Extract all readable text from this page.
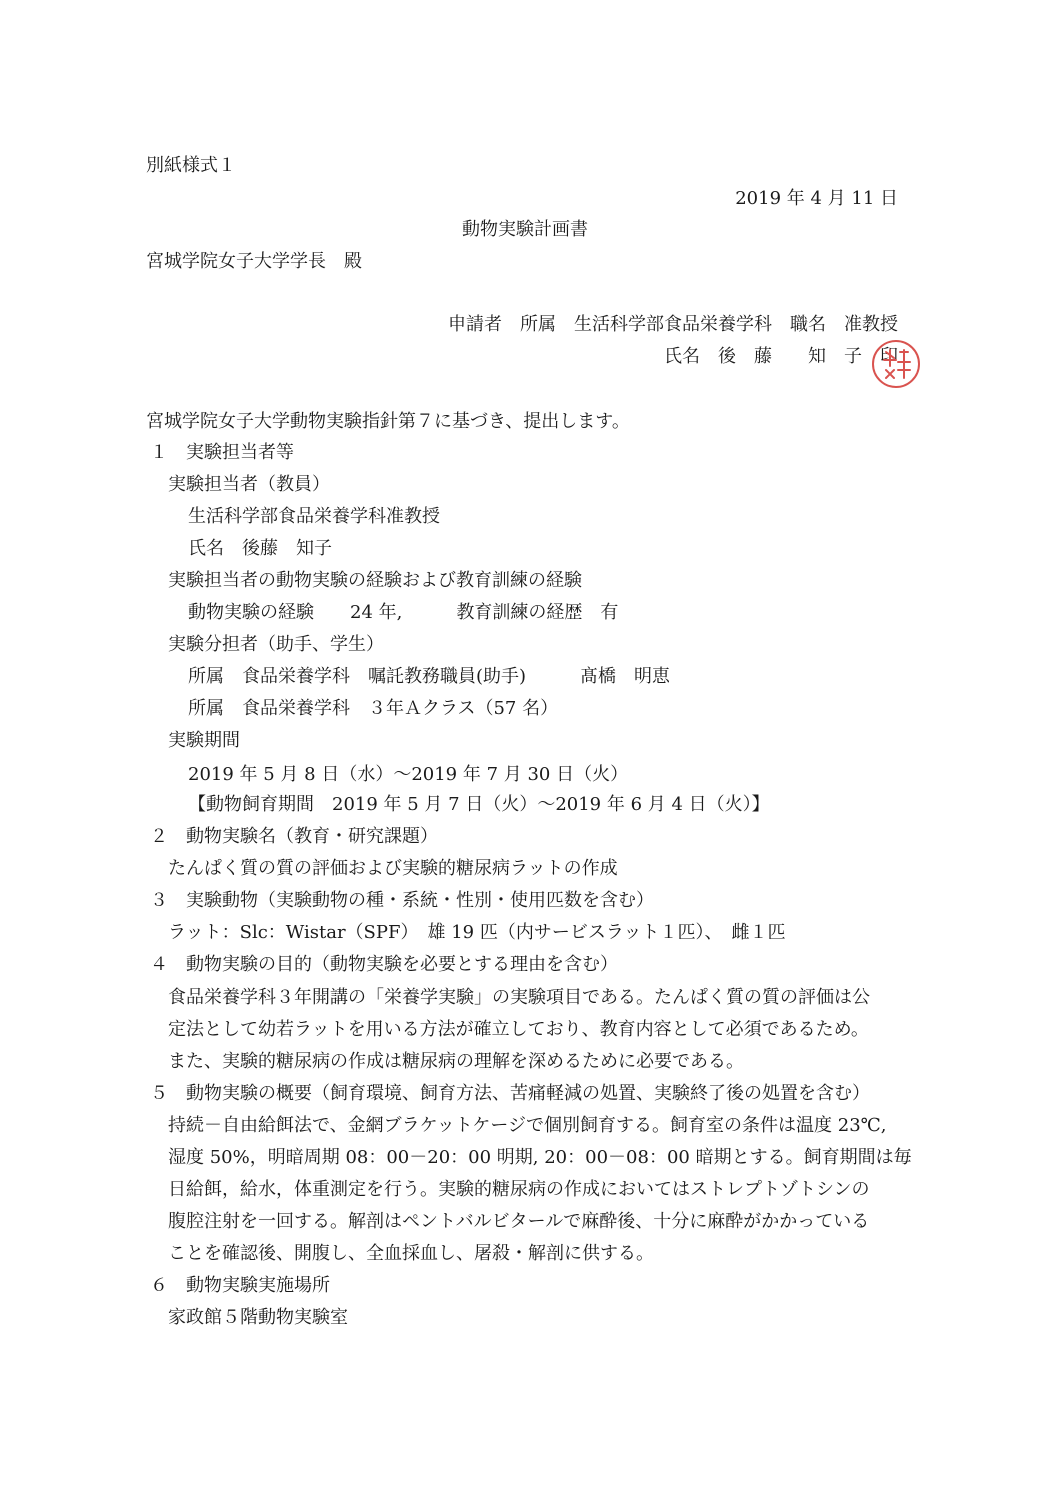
別紙様式１
2019 年 4 月 11 日
動物実験計画書
宮城学院女子大学学長　殿
申請者　所属　生活科学部食品栄養学科　職名　准教授
氏名　後　藤　　知　子　印
宮城学院女子大学動物実験指針第７に基づき、提出します。
１　実験担当者等
実験担当者（教員）
生活科学部食品栄養学科准教授
氏名　後藤　知子
実験担当者の動物実験の経験および教育訓練の経験
動物実験の経験　　24 年,　　　教育訓練の経歴　有
実験分担者（助手、学生）
所属　食品栄養学科　嘱託教務職員(助手)　　　髙橋　明恵
所属　食品栄養学科　３年Ａクラス（57 名）
実験期間
2019 年 5 月 8 日（水）～2019 年 7 月 30 日（火）
【動物飼育期間　2019 年 5 月 7 日（火）～2019 年 6 月 4 日（火）】
２　動物実験名（教育・研究課題）
たんぱく質の質の評価および実験的糖尿病ラットの作成
３　実験動物（実験動物の種・系統・性別・使用匹数を含む）
ラット：Slc：Wistar（SPF）　雄 19 匹（内サービスラット１匹）、　雌１匹
４　動物実験の目的（動物実験を必要とする理由を含む）
食品栄養学科３年開講の「栄養学実験」の実験項目である。たんぱく質の質の評価は公
定法として幼若ラットを用いる方法が確立しており、教育内容として必須であるため。
また、実験的糖尿病の作成は糖尿病の理解を深めるために必要である。
５　動物実験の概要（飼育環境、飼育方法、苦痛軽減の処置、実験終了後の処置を含む）
持続－自由給餌法で、金網ブラケットケージで個別飼育する。飼育室の条件は温度 23℃,
湿度 50%，明暗周期 08：00－20：00 明期, 20：00－08：00 暗期とする。飼育期間は毎
日給餌，給水，体重測定を行う。実験的糖尿病の作成においてはストレプトゾトシンの
腹腔注射を一回する。解剖はペントバルビタールで麻酔後、十分に麻酔がかかっている
ことを確認後、開腹し、全血採血し、屠殺・解剖に供する。
６　動物実験実施場所
家政館５階動物実験室
